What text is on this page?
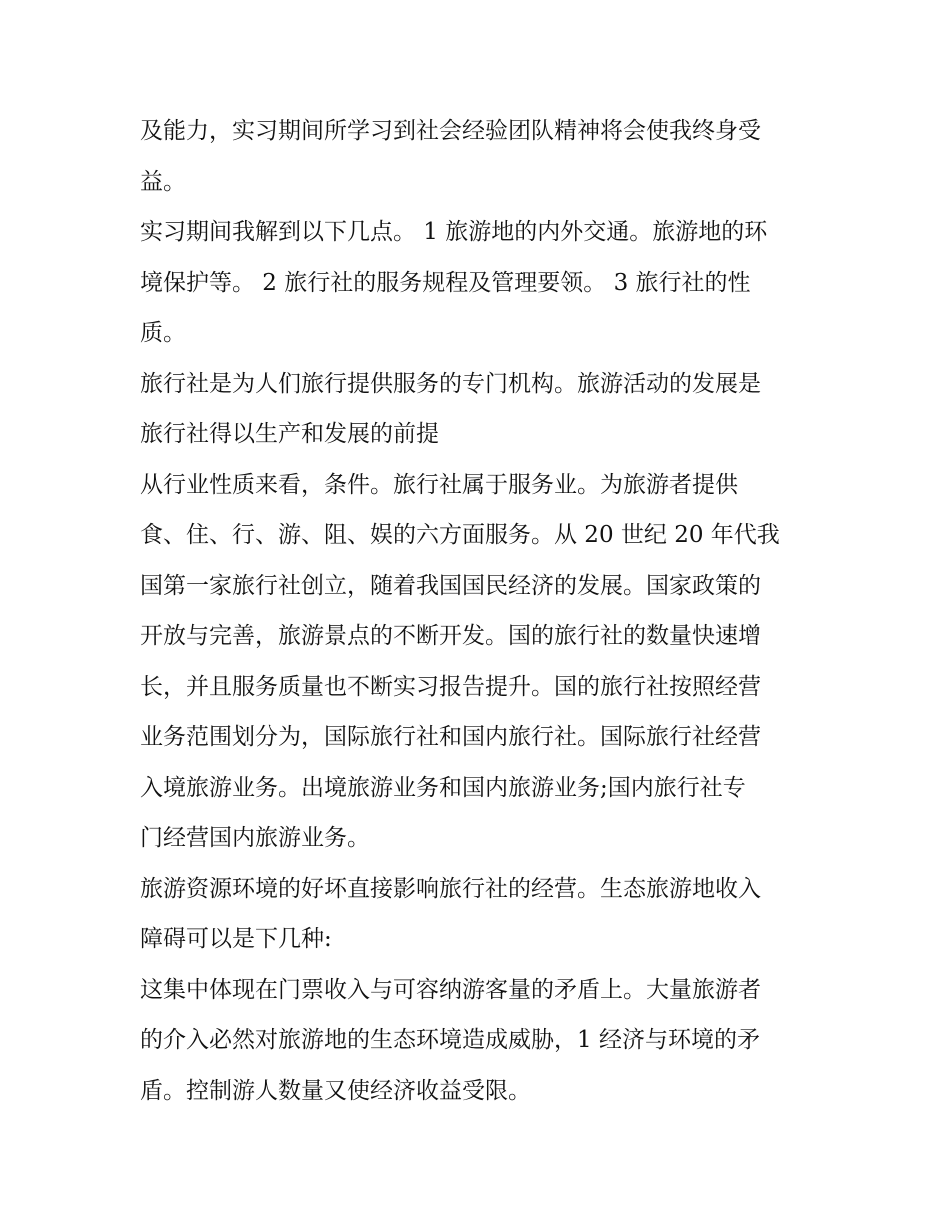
及能力，实习期间所学习到社会经验团队精神将会使我终身受
益。

实习期间我解到以下几点。 1 旅游地的内外交通。旅游地的环
境保护等。 2 旅行社的服务规程及管理要领。 3 旅行社的性
质。

旅行社是为人们旅行提供服务的专门机构。旅游活动的发展是
旅行社得以生产和发展的前提

从行业性质来看，条件。旅行社属于服务业。为旅游者提供
食、住、行、游、阻、娱的六方面服务。从 20 世纪 20 年代我
国第一家旅行社创立，随着我国国民经济的发展。国家政策的
开放与完善，旅游景点的不断开发。国的旅行社的数量快速增
长，并且服务质量也不断实习报告提升。国的旅行社按照经营
业务范围划分为，国际旅行社和国内旅行社。国际旅行社经营
入境旅游业务。出境旅游业务和国内旅游业务;国内旅行社专
门经营国内旅游业务。

旅游资源环境的好坏直接影响旅行社的经营。生态旅游地收入
障碍可以是下几种:

这集中体现在门票收入与可容纳游客量的矛盾上。大量旅游者
的介入必然对旅游地的生态环境造成威胁，1 经济与环境的矛
盾。控制游人数量又使经济收益受限。
